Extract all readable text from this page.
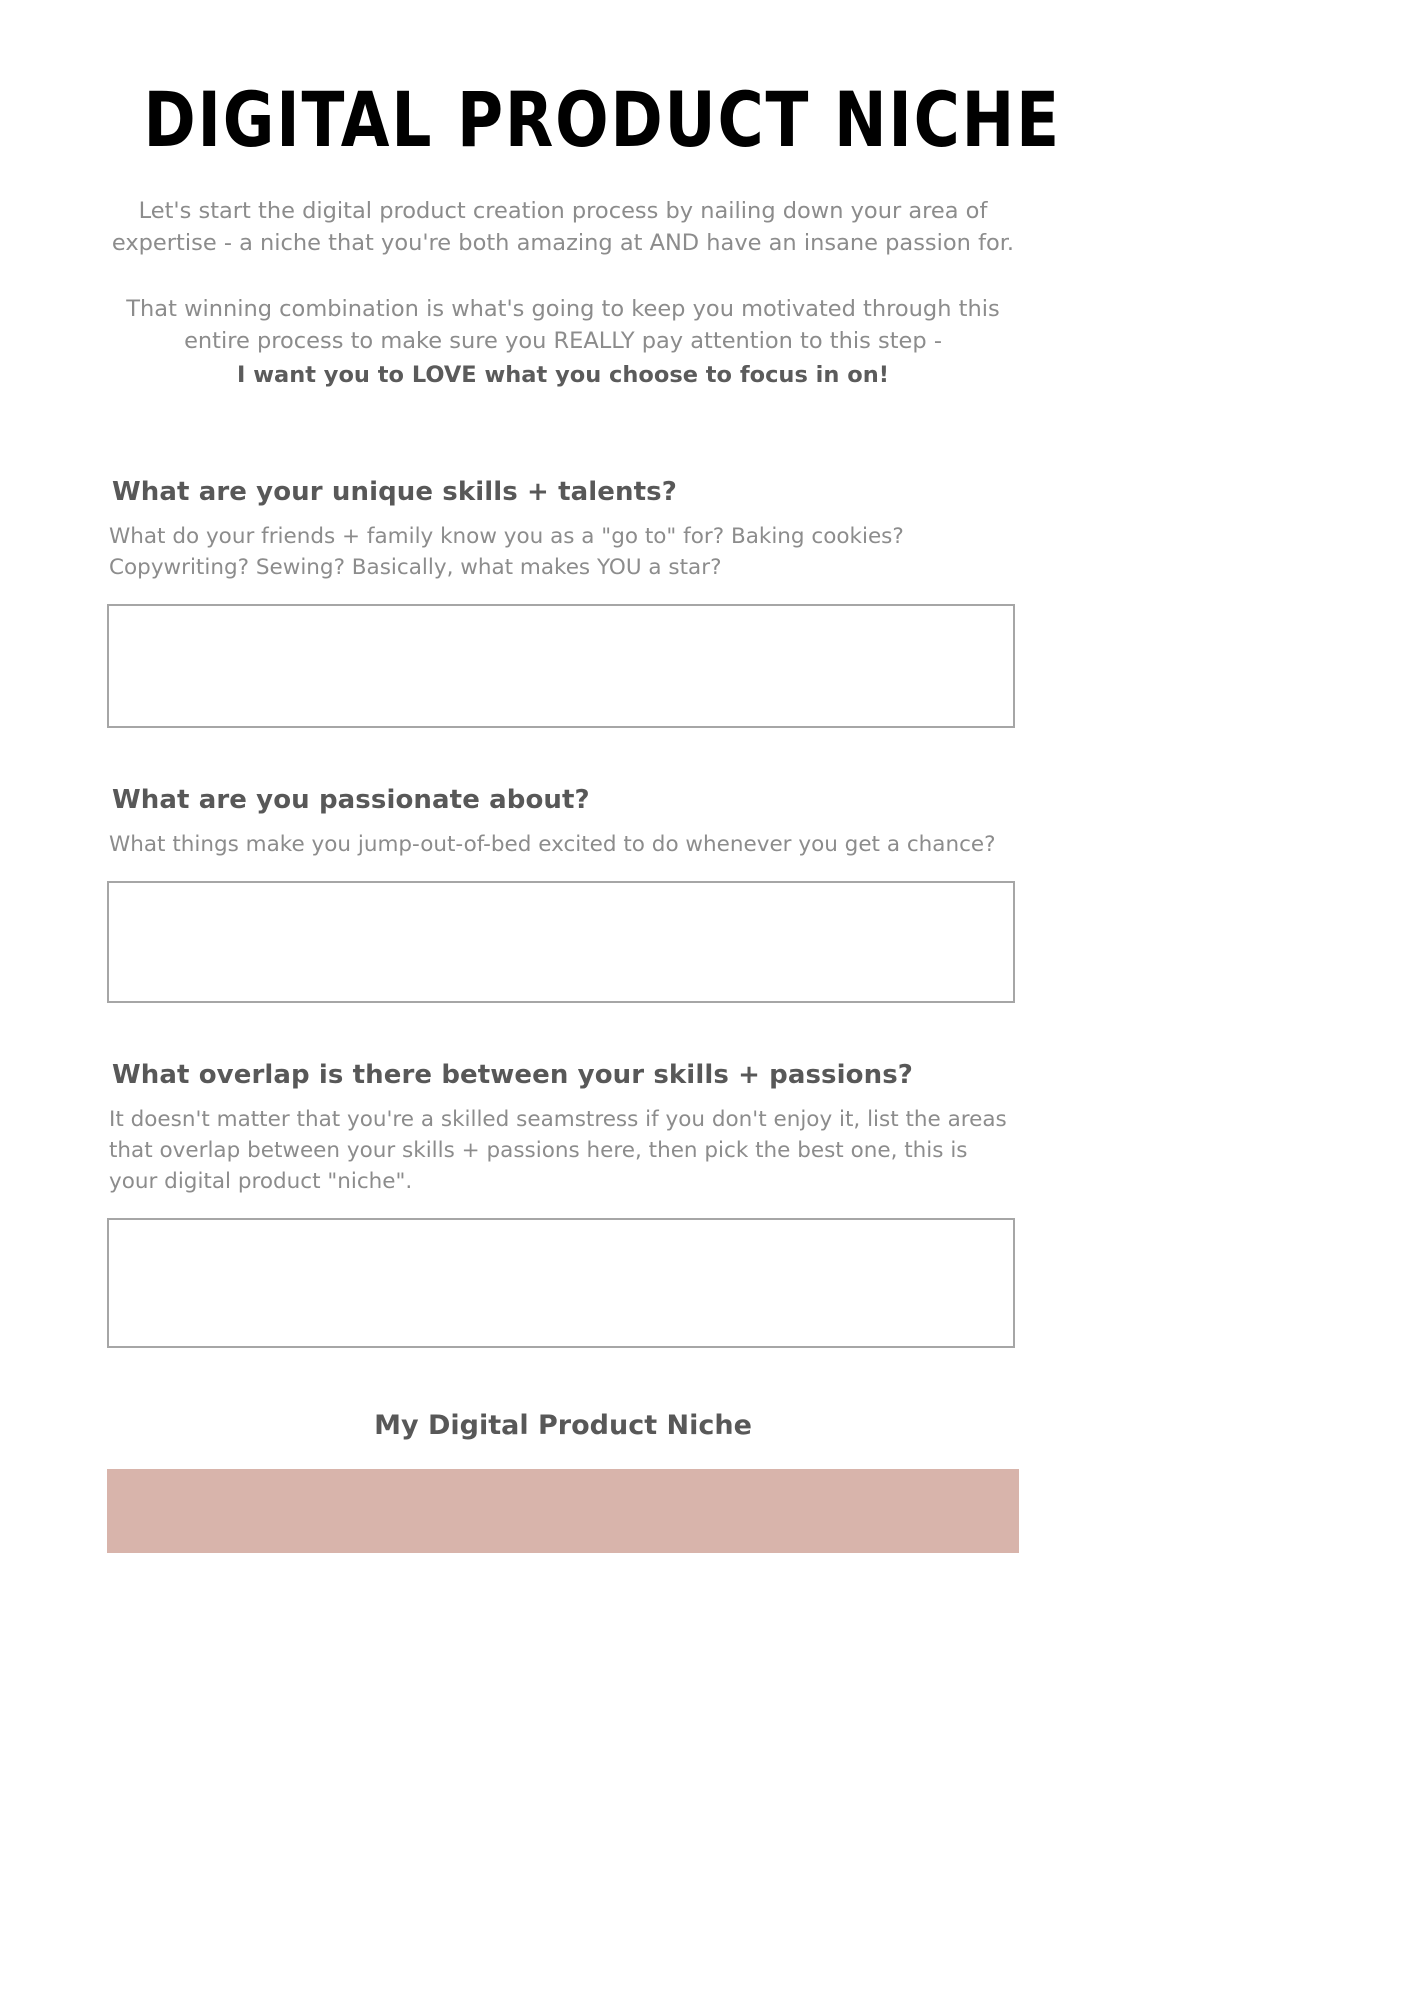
DIGITAL PRODUCT NICHE

Let's start the digital product creation process by nailing down your area of expertise - a niche that you're both amazing at AND have an insane passion for.

That winning combination is what's going to keep you motivated through this entire process to make sure you REALLY pay attention to this step -
I want you to LOVE what you choose to focus in on!

What are your unique skills + talents?

What do your friends + family know you as a "go to" for? Baking cookies? Copywriting? Sewing? Basically, what makes YOU a star?

What are you passionate about?

What things make you jump-out-of-bed excited to do whenever you get a chance?

What overlap is there between your skills + passions?

It doesn't matter that you're a skilled seamstress if you don't enjoy it, list the areas that overlap between your skills + passions here, then pick the best one, this is your digital product "niche".

My Digital Product Niche
